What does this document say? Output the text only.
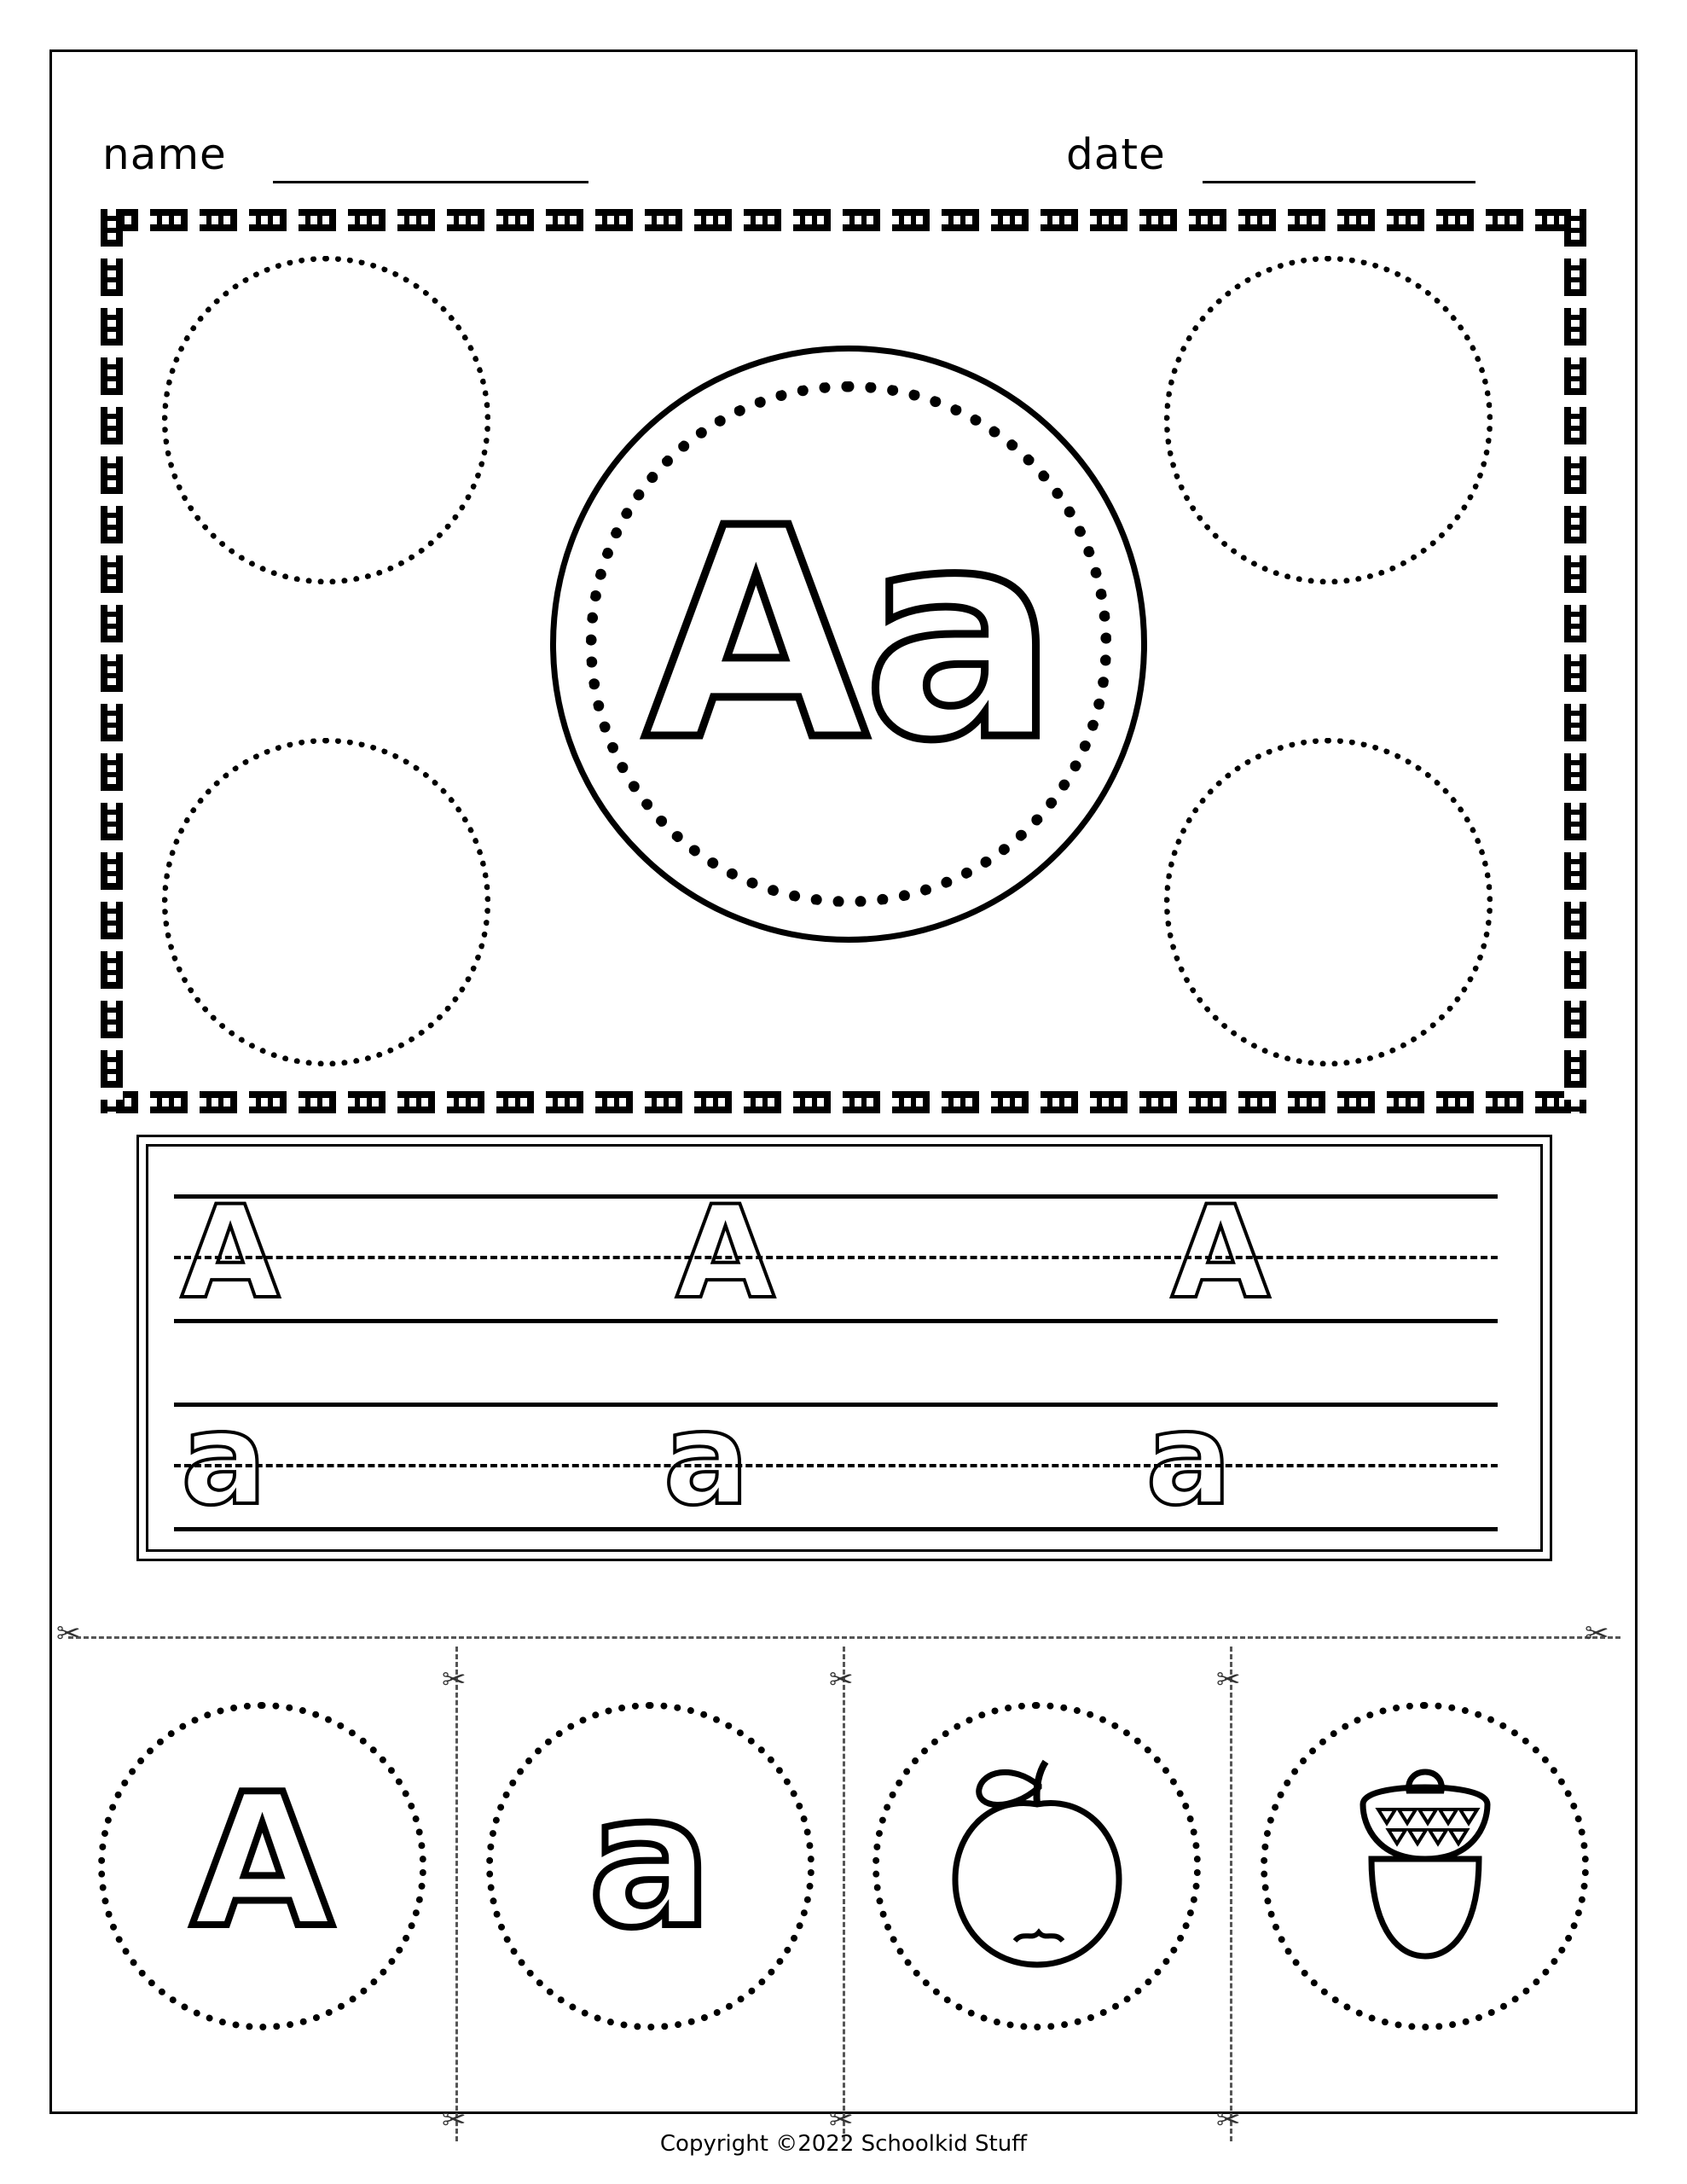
name	date
Aa
A  A  A
a  a  a
✂	✂
✂	✂	✂
✂	✂	✂
A	a
Copyright ©2022 Schoolkid Stuff
